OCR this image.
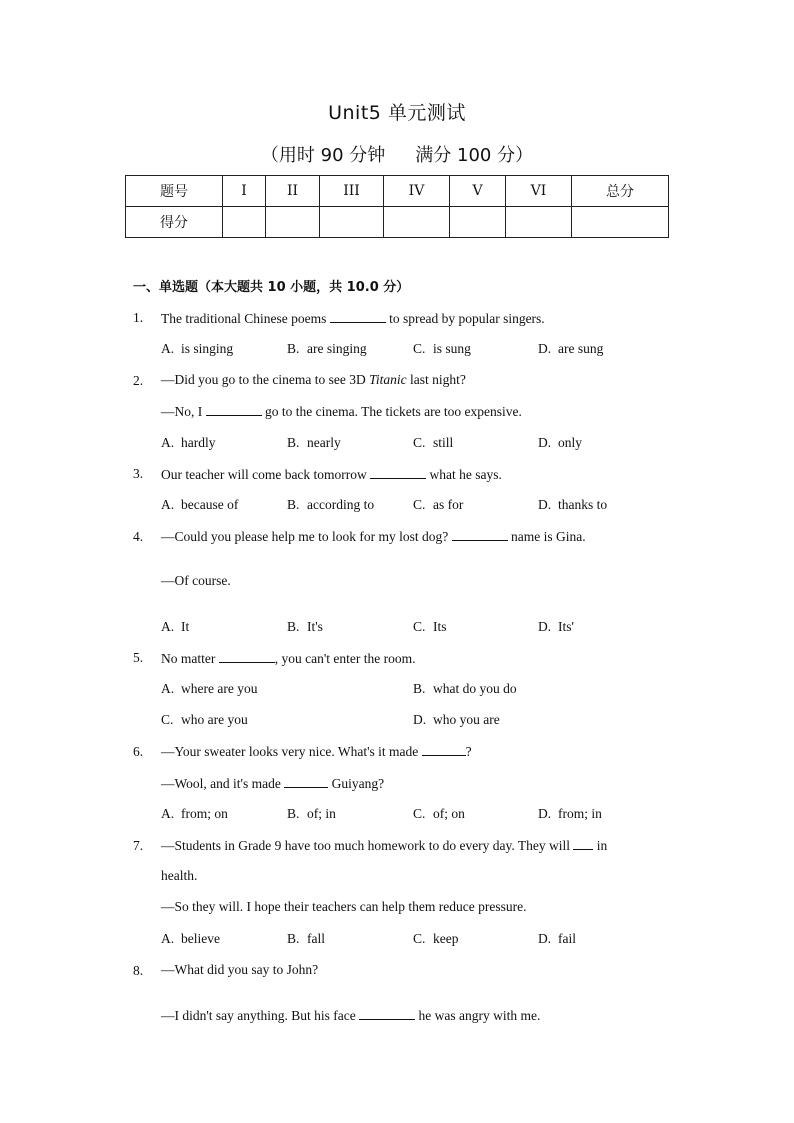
Unit5 单元测试
（用时 90 分钟 满分 100 分）
题号	I	II	III	IV	V	VI	总分
得分							
一、单选题（本大题共 10 小题，共 10.0 分）
1. The traditional Chinese poems	to spread by popular singers.
A. is singing	B. are singing	C. is sung	D. are sung
2. —Did you go to the cinema to see 3D Titanic last night?
—No, I	go to the cinema. The tickets are too expensive.
A. hardly	B. nearly	C. still	D. only
3. Our teacher will come back tomorrow	what he says.
A. because of	B. according to	C. as for	D. thanks to
4. —Could you please help me to look for my lost dog?	name is Gina.
—Of course.
A. It	B. It's	C. Its	D. Its'
5. No matter	, you can't enter the room.
A. where are you	B. what do you do
C. who are you	D. who you are
6. —Your sweater looks very nice. What's it made	?
—Wool, and it's made	Guiyang?
A. from; on	B. of; in	C. of; on	D. from; in
7. —Students in Grade 9 have too much homework to do every day. They will in
health.
—So they will. I hope their teachers can help them reduce pressure.
A. believe	B. fall	C. keep	D. fail
8. —What did you say to John?
—I didn't say anything. But his face	he was angry with me.
